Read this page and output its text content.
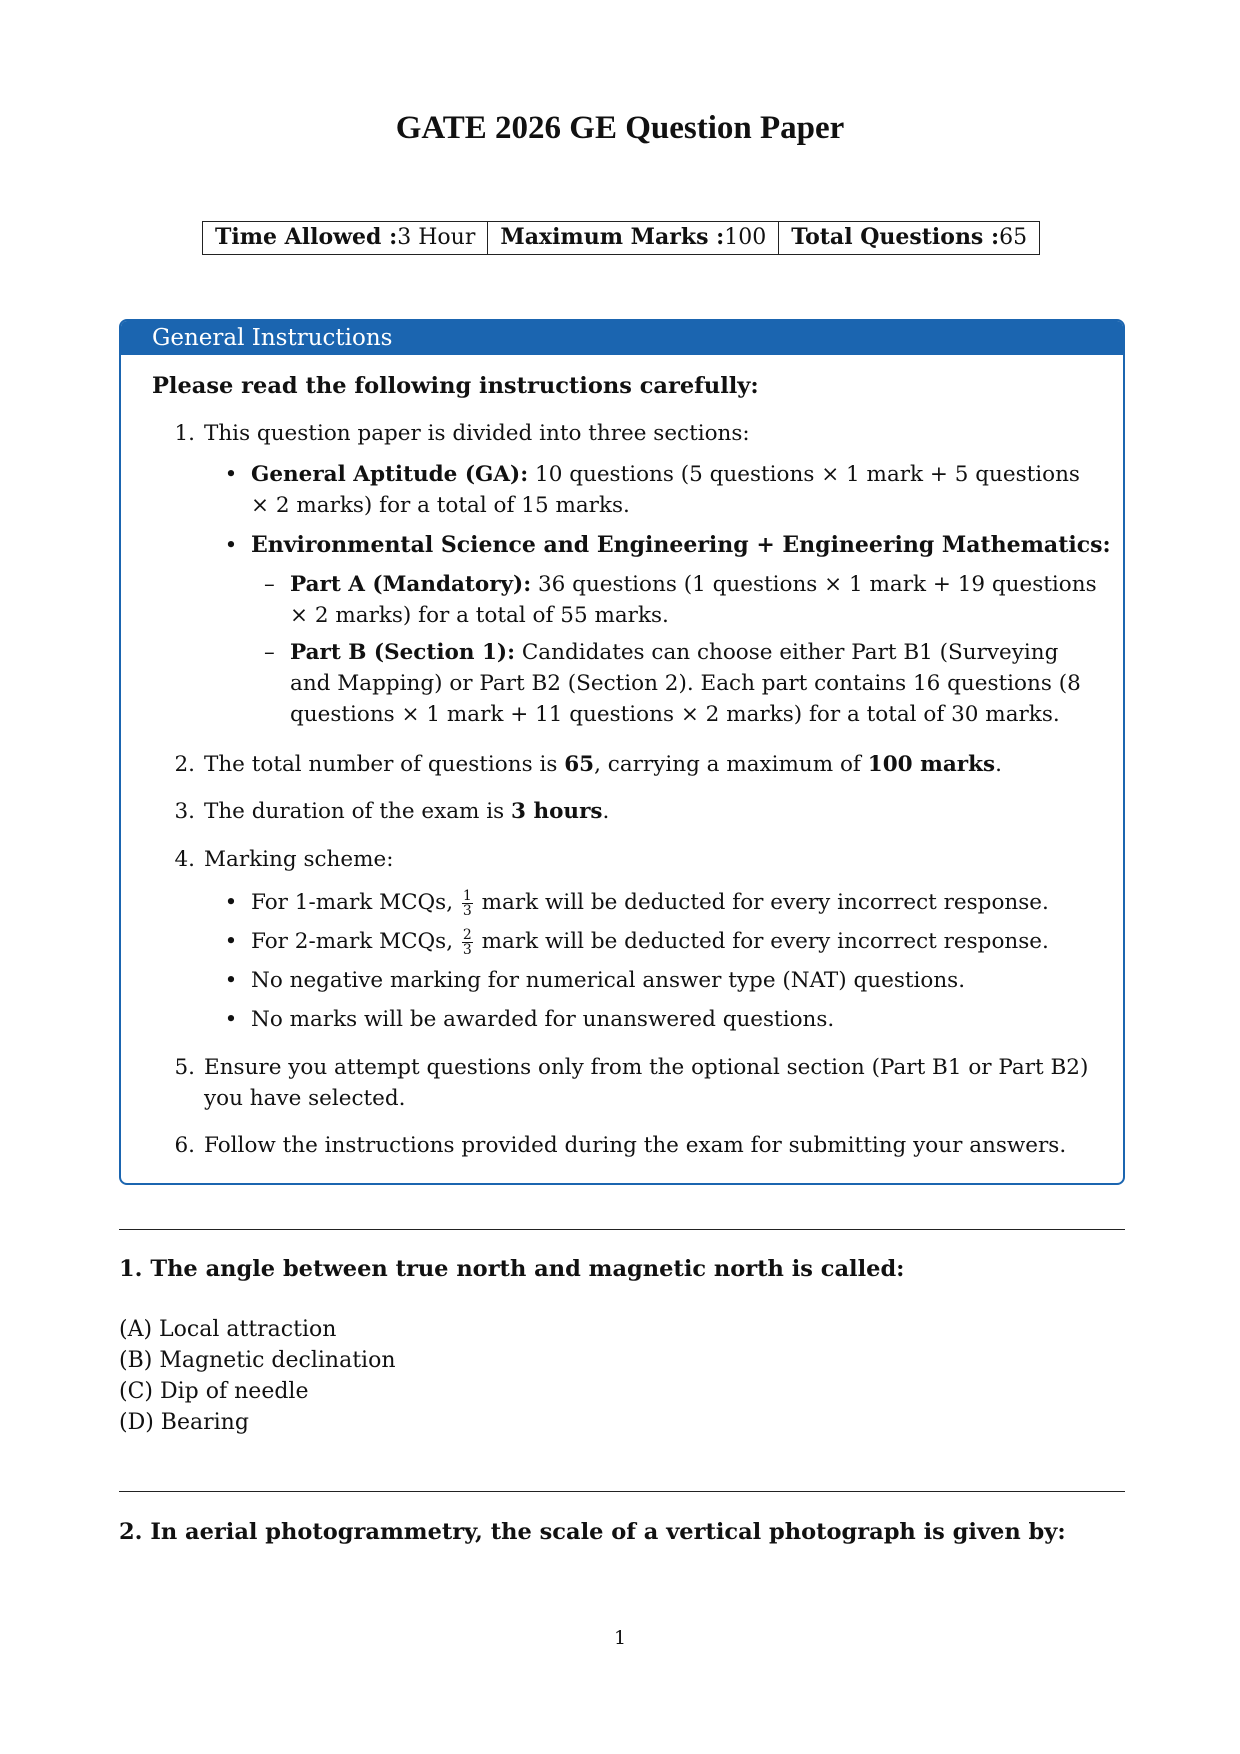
GATE 2026 GE Question Paper
Time Allowed :3 Hour	Maximum Marks :100	Total Questions :65
General Instructions
Please read the following instructions carefully:
1. This question paper is divided into three sections:
• General Aptitude (GA): 10 questions (5 questions × 1 mark + 5 questions
× 2 marks) for a total of 15 marks.
• Environmental Science and Engineering + Engineering Mathematics:
– Part A (Mandatory): 36 questions (1 questions × 1 mark + 19 questions
× 2 marks) for a total of 55 marks.
– Part B (Section 1): Candidates can choose either Part B1 (Surveying
and Mapping) or Part B2 (Section 2). Each part contains 16 questions (8
questions × 1 mark + 11 questions × 2 marks) for a total of 30 marks.
2. The total number of questions is 65, carrying a maximum of 100 marks.
3. The duration of the exam is 3 hours.
4. Marking scheme:
• For 1-mark MCQs, $\frac{1}{3}$ mark will be deducted for every incorrect response.
• For 2-mark MCQs, $\frac{2}{3}$ mark will be deducted for every incorrect response.
• No negative marking for numerical answer type (NAT) questions.
• No marks will be awarded for unanswered questions.
5. Ensure you attempt questions only from the optional section (Part B1 or Part B2)
you have selected.
6. Follow the instructions provided during the exam for submitting your answers.
1. The angle between true north and magnetic north is called:
(A) Local attraction
(B) Magnetic declination
(C) Dip of needle
(D) Bearing
2. In aerial photogrammetry, the scale of a vertical photograph is given by:
1
